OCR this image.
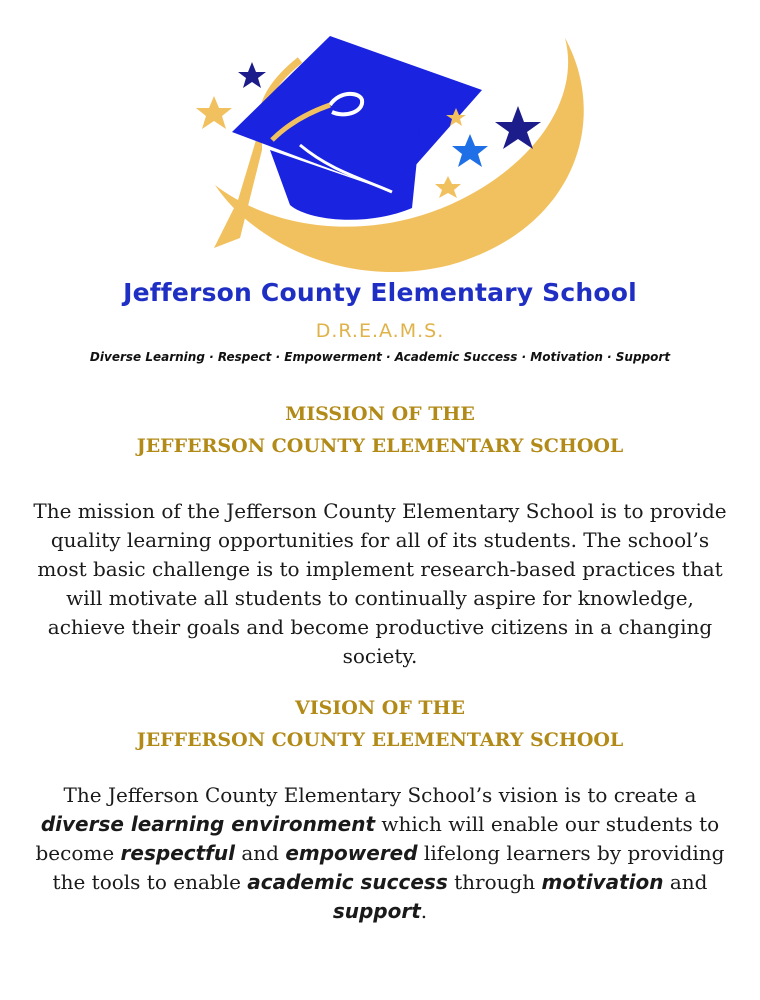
Jefferson County Elementary School
D.R.E.A.M.S.
Diverse Learning · Respect · Empowerment · Academic Success · Motivation · Support
MISSION OF THE
JEFFERSON COUNTY ELEMENTARY SCHOOL
The mission of the Jefferson County Elementary School is to provide quality learning opportunities for all of its students. The school’s most basic challenge is to implement research-based practices that will motivate all students to continually aspire for knowledge, achieve their goals and become productive citizens in a changing society.
VISION OF THE
JEFFERSON COUNTY ELEMENTARY SCHOOL
The Jefferson County Elementary School’s vision is to create a diverse learning environment which will enable our students to become respectful and empowered lifelong learners by providing the tools to enable academic success through motivation and support.
